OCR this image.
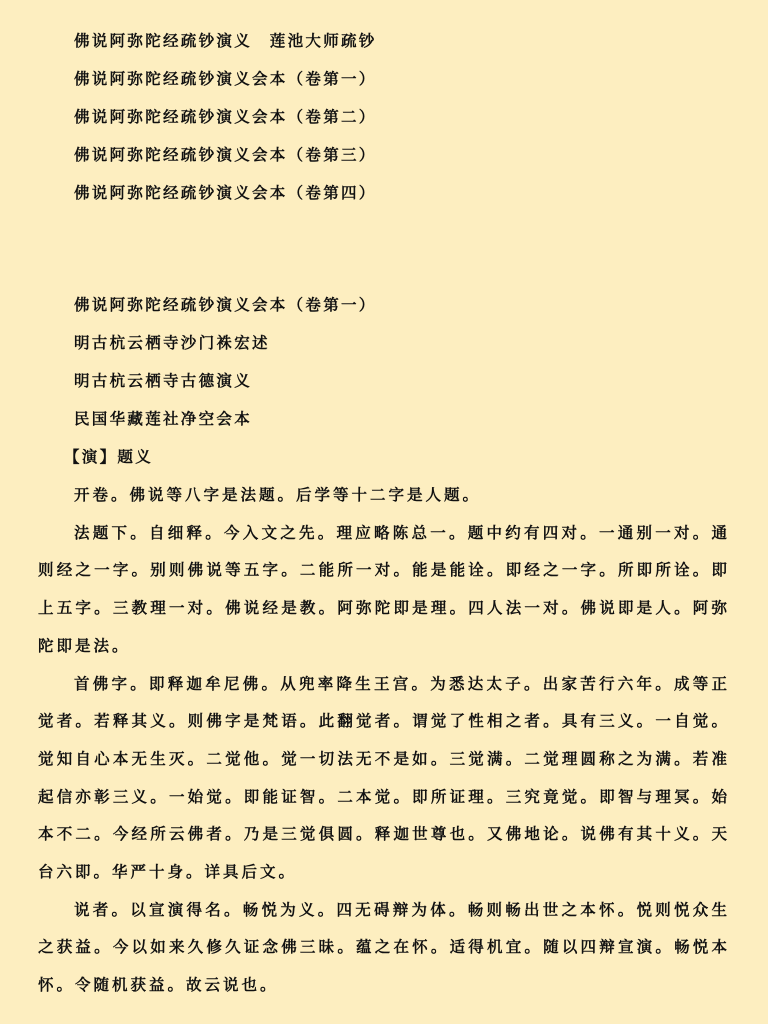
佛说阿弥陀经疏钞演义　莲池大师疏钞
佛说阿弥陀经疏钞演义会本（卷第一）
佛说阿弥陀经疏钞演义会本（卷第二）
佛说阿弥陀经疏钞演义会本（卷第三）
佛说阿弥陀经疏钞演义会本（卷第四）
佛说阿弥陀经疏钞演义会本（卷第一）
明古杭云栖寺沙门袾宏述
明古杭云栖寺古德演义
民国华藏莲社净空会本
【演】题义

开卷。佛说等八字是法题。后学等十二字是人题。

法题下。自细释。今入文之先。理应略陈总一。题中约有四对。一通别一对。通则经之一字。别则佛说等五字。二能所一对。能是能诠。即经之一字。所即所诠。即上五字。三教理一对。佛说经是教。阿弥陀即是理。四人法一对。佛说即是人。阿弥陀即是法。

首佛字。即释迦牟尼佛。从兜率降生王宫。为悉达太子。出家苦行六年。成等正觉者。若释其义。则佛字是梵语。此翻觉者。谓觉了性相之者。具有三义。一自觉。觉知自心本无生灭。二觉他。觉一切法无不是如。三觉满。二觉理圆称之为满。若准起信亦彰三义。一始觉。即能证智。二本觉。即所证理。三究竟觉。即智与理冥。始本不二。今经所云佛者。乃是三觉俱圆。释迦世尊也。又佛地论。说佛有其十义。天台六即。华严十身。详具后文。

说者。以宣演得名。畅悦为义。四无碍辩为体。畅则畅出世之本怀。悦则悦众生之获益。今以如来久修久证念佛三昧。蕴之在怀。适得机宜。随以四辩宣演。畅悦本怀。令随机获益。故云说也。
